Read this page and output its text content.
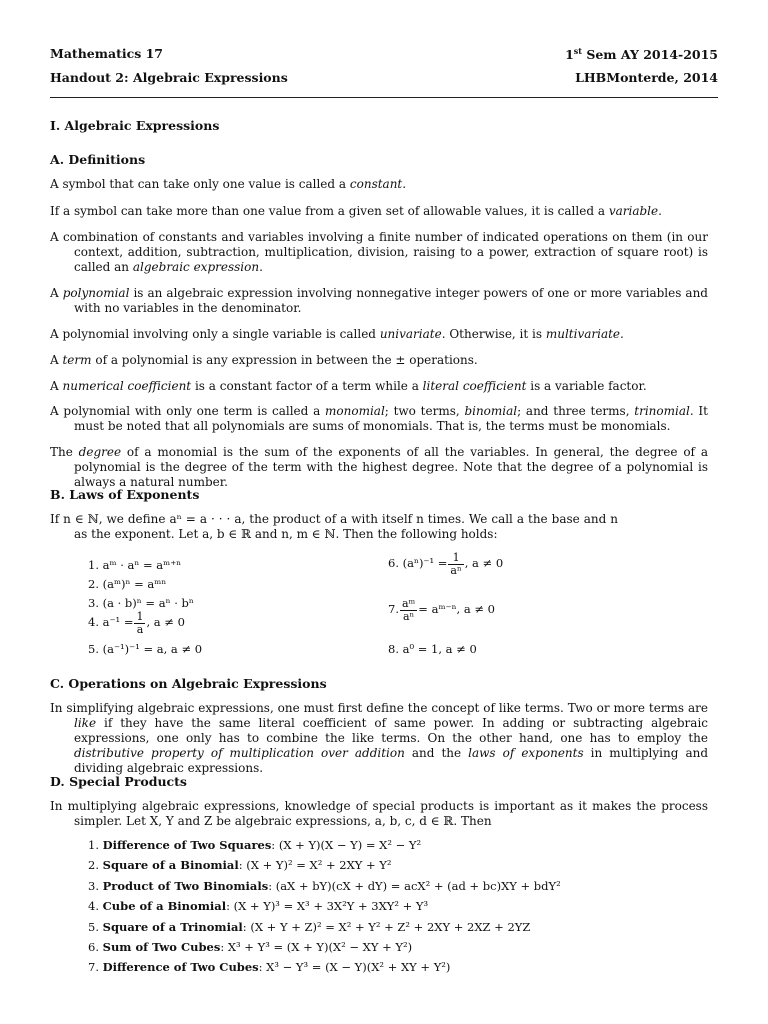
Mathematics 17	1st Sem AY 2014-2015
Handout 2: Algebraic Expressions	LHBMonterde, 2014
I. Algebraic Expressions
A. Definitions
A symbol that can take only one value is called a constant.
If a symbol can take more than one value from a given set of allowable values, it is called a variable.
A combination of constants and variables involving a finite number of indicated operations on them (in our context, addition, subtraction, multiplication, division, raising to a power, extraction of square root) is called an algebraic expression.
A polynomial is an algebraic expression involving nonnegative integer powers of one or more variables and with no variables in the denominator.
A polynomial involving only a single variable is called univariate. Otherwise, it is multivariate.
A term of a polynomial is any expression in between the ± operations.
A numerical coefficient is a constant factor of a term while a literal coefficient is a variable factor.
A polynomial with only one term is called a monomial; two terms, binomial; and three terms, trinomial. It must be noted that all polynomials are sums of monomials. That is, the terms must be monomials.
The degree of a monomial is the sum of the exponents of all the variables. In general, the degree of a polynomial is the degree of the term with the highest degree. Note that the degree of a polynomial is always a natural number.
B. Laws of Exponents
If n ∈ ℕ, we define aⁿ = a · · · a, the product of a with itself n times. We call a the base and n as the exponent. Let a, b ∈ ℝ and n, m ∈ ℕ. Then the following holds:
1. aᵐ · aⁿ = aᵐ⁺ⁿ
2. (aᵐ)ⁿ = aᵐⁿ
3. (a · b)ⁿ = aⁿ · bⁿ
4. $a^{-1} = \frac{1}{a}$ , a ≠ 0
5. (a⁻¹)⁻¹ = a, a ≠ 0
6. $(a^n)^{-1} = \frac{1}{\text{aⁿ}}$ , a ≠ 0
7. $\frac{\text{aᵐ}}{\text{aⁿ}}$ = aᵐ⁻ⁿ, a ≠ 0
8. a⁰ = 1, a ≠ 0
C. Operations on Algebraic Expressions
In simplifying algebraic expressions, one must first define the concept of like terms. Two or more terms are like if they have the same literal coefficient of same power. In adding or subtracting algebraic expressions, one only has to combine the like terms. On the other hand, one has to employ the distributive property of multiplication over addition and the laws of exponents in multiplying and dividing algebraic expressions.
D. Special Products
In multiplying algebraic expressions, knowledge of special products is important as it makes the process simpler. Let X, Y and Z be algebraic expressions, a, b, c, d ∈ ℝ. Then
1. Difference of Two Squares: (X + Y)(X − Y) = X² − Y²
2. Square of a Binomial: (X + Y)² = X² + 2XY + Y²
3. Product of Two Binomials: (aX + bY)(cX + dY) = acX² + (ad + bc)XY + bdY²
4. Cube of a Binomial: (X + Y)³ = X³ + 3X²Y + 3XY² + Y³
5. Square of a Trinomial: (X + Y + Z)² = X² + Y² + Z² + 2XY + 2XZ + 2YZ
6. Sum of Two Cubes: X³ + Y³ = (X + Y)(X² − XY + Y²)
7. Difference of Two Cubes: X³ − Y³ = (X − Y)(X² + XY + Y²)
